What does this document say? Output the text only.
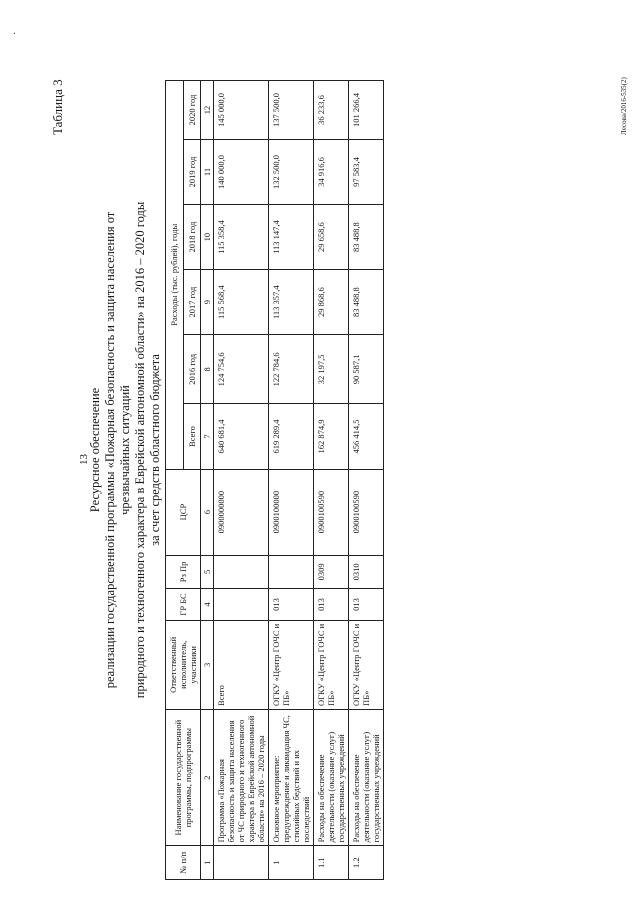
13
Таблица 3
Ресурсное обеспечение реализации государственной программы «Пожарная безопасность и защита населения от чрезвычайных ситуаций природного и техногенного характера в Еврейской автономной области» на 2016 – 2020 годы за счет средств областного бюджета
№ п/п	Наименование государственной программы, подпрограммы	Ответственный исполнитель, участники	ГР БС	Рз Пр	ЦСР	Расходы (тыс. рублей), годы					
						Всего	2016 год	2017 год	2018 год	2019 год	2020 год
1	2	3	4	5	6	7	8	9	10	11	12
	Программа «Пожарная безопасность и защита населения от ЧС природного и техногенного характера в Еврейской автономной области» на 2016 – 2020 годы	Всего			0900000000	640 681,4	124 754,6	115 568,4	115 358,4	140 000,0	145 000,0
1	Основное мероприятие: предупреждение и ликвидация ЧС, стихийных бедствий и их последствий	ОГКУ «Центр ГОЧС и ПБ»	013		0900100000	619 289,4	122 784,6	113 357,4	113 147,4	132 500,0	137 500,0
1.1	Расходы на обеспечение деятельности (оказание услуг) государственных учреждений	ОГКУ «Центр ГОЧС и ПБ»	013	0309	0900100590	162 874,9	32 197,5	29 868,6	29 658,6	34 916,6	36 233,6
1.2	Расходы на обеспечение деятельности (оказание услуг) государственных учреждений	ОГКУ «Центр ГОЧС и ПБ»	013	0310	0900100590	456 414,5	90 587,1	83 488,8	83 488,8	97 583,4	101 266,4	Лесова/2016-535(2)
·
